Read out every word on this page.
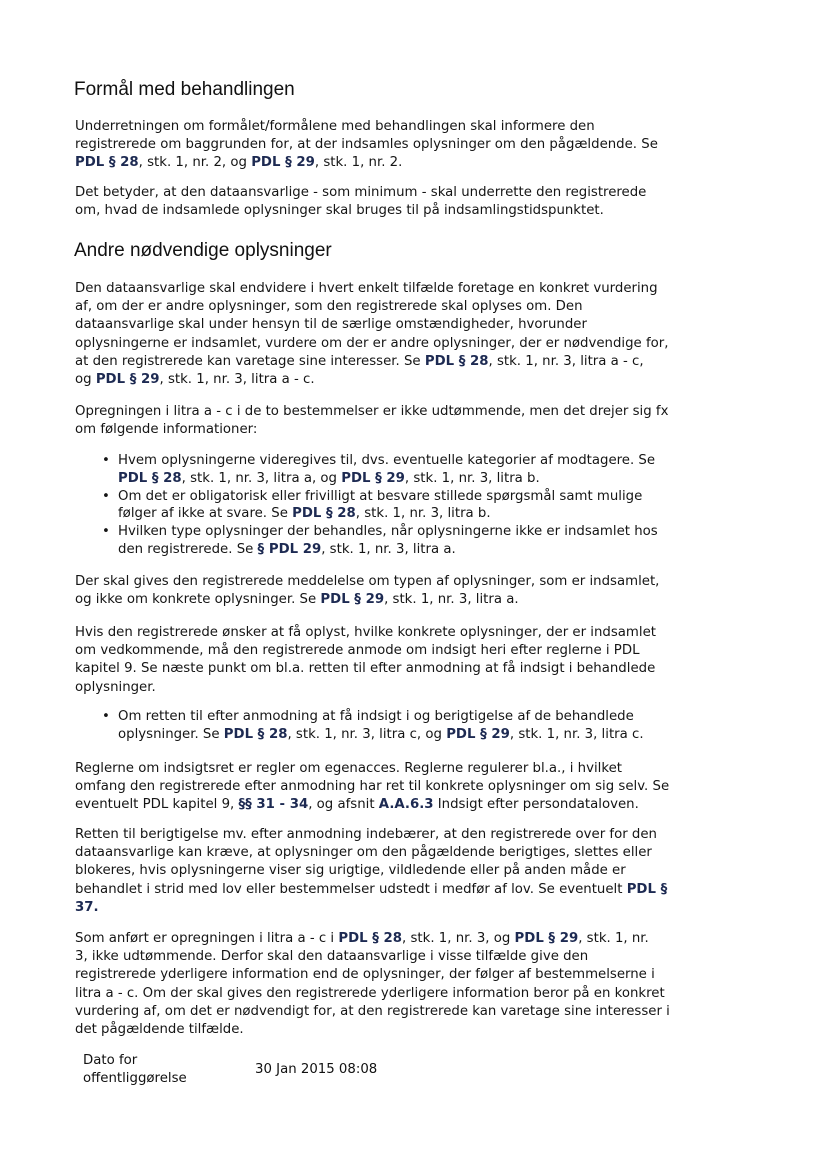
Formål med behandlingen
Underretningen om formålet/formålene med behandlingen skal informere den
registrerede om baggrunden for, at der indsamles oplysninger om den pågældende. Se
PDL § 28, stk. 1, nr. 2, og PDL § 29, stk. 1, nr. 2.
Det betyder, at den dataansvarlige - som minimum - skal underrette den registrerede
om, hvad de indsamlede oplysninger skal bruges til på indsamlingstidspunktet.
Andre nødvendige oplysninger
Den dataansvarlige skal endvidere i hvert enkelt tilfælde foretage en konkret vurdering
af, om der er andre oplysninger, som den registrerede skal oplyses om. Den
dataansvarlige skal under hensyn til de særlige omstændigheder, hvorunder
oplysningerne er indsamlet, vurdere om der er andre oplysninger, der er nødvendige for,
at den registrerede kan varetage sine interesser. Se PDL § 28, stk. 1, nr. 3, litra a - c,
og PDL § 29, stk. 1, nr. 3, litra a - c.
Opregningen i litra a - c i de to bestemmelser er ikke udtømmende, men det drejer sig fx
om følgende informationer:
• Hvem oplysningerne videregives til, dvs. eventuelle kategorier af modtagere. Se
PDL § 28, stk. 1, nr. 3, litra a, og PDL § 29, stk. 1, nr. 3, litra b.
• Om det er obligatorisk eller frivilligt at besvare stillede spørgsmål samt mulige
følger af ikke at svare. Se PDL § 28, stk. 1, nr. 3, litra b.
• Hvilken type oplysninger der behandles, når oplysningerne ikke er indsamlet hos
den registrerede. Se § PDL 29, stk. 1, nr. 3, litra a.
Der skal gives den registrerede meddelelse om typen af oplysninger, som er indsamlet,
og ikke om konkrete oplysninger. Se PDL § 29, stk. 1, nr. 3, litra a.
Hvis den registrerede ønsker at få oplyst, hvilke konkrete oplysninger, der er indsamlet
om vedkommende, må den registrerede anmode om indsigt heri efter reglerne i PDL
kapitel 9. Se næste punkt om bl.a. retten til efter anmodning at få indsigt i behandlede
oplysninger.
• Om retten til efter anmodning at få indsigt i og berigtigelse af de behandlede
oplysninger. Se PDL § 28, stk. 1, nr. 3, litra c, og PDL § 29, stk. 1, nr. 3, litra c.
Reglerne om indsigtsret er regler om egenacces. Reglerne regulerer bl.a., i hvilket
omfang den registrerede efter anmodning har ret til konkrete oplysninger om sig selv. Se
eventuelt PDL kapitel 9, §§ 31 - 34, og afsnit A.A.6.3 Indsigt efter persondataloven.
Retten til berigtigelse mv. efter anmodning indebærer, at den registrerede over for den
dataansvarlige kan kræve, at oplysninger om den pågældende berigtiges, slettes eller
blokeres, hvis oplysningerne viser sig urigtige, vildledende eller på anden måde er
behandlet i strid med lov eller bestemmelser udstedt i medfør af lov. Se eventuelt PDL §
37.
Som anført er opregningen i litra a - c i PDL § 28, stk. 1, nr. 3, og PDL § 29, stk. 1, nr.
3, ikke udtømmende. Derfor skal den dataansvarlige i visse tilfælde give den
registrerede yderligere information end de oplysninger, der følger af bestemmelserne i
litra a - c. Om der skal gives den registrerede yderligere information beror på en konkret
vurdering af, om det er nødvendigt for, at den registrerede kan varetage sine interesser i
det pågældende tilfælde.
Dato for
offentliggørelse
30 Jan 2015 08:08
